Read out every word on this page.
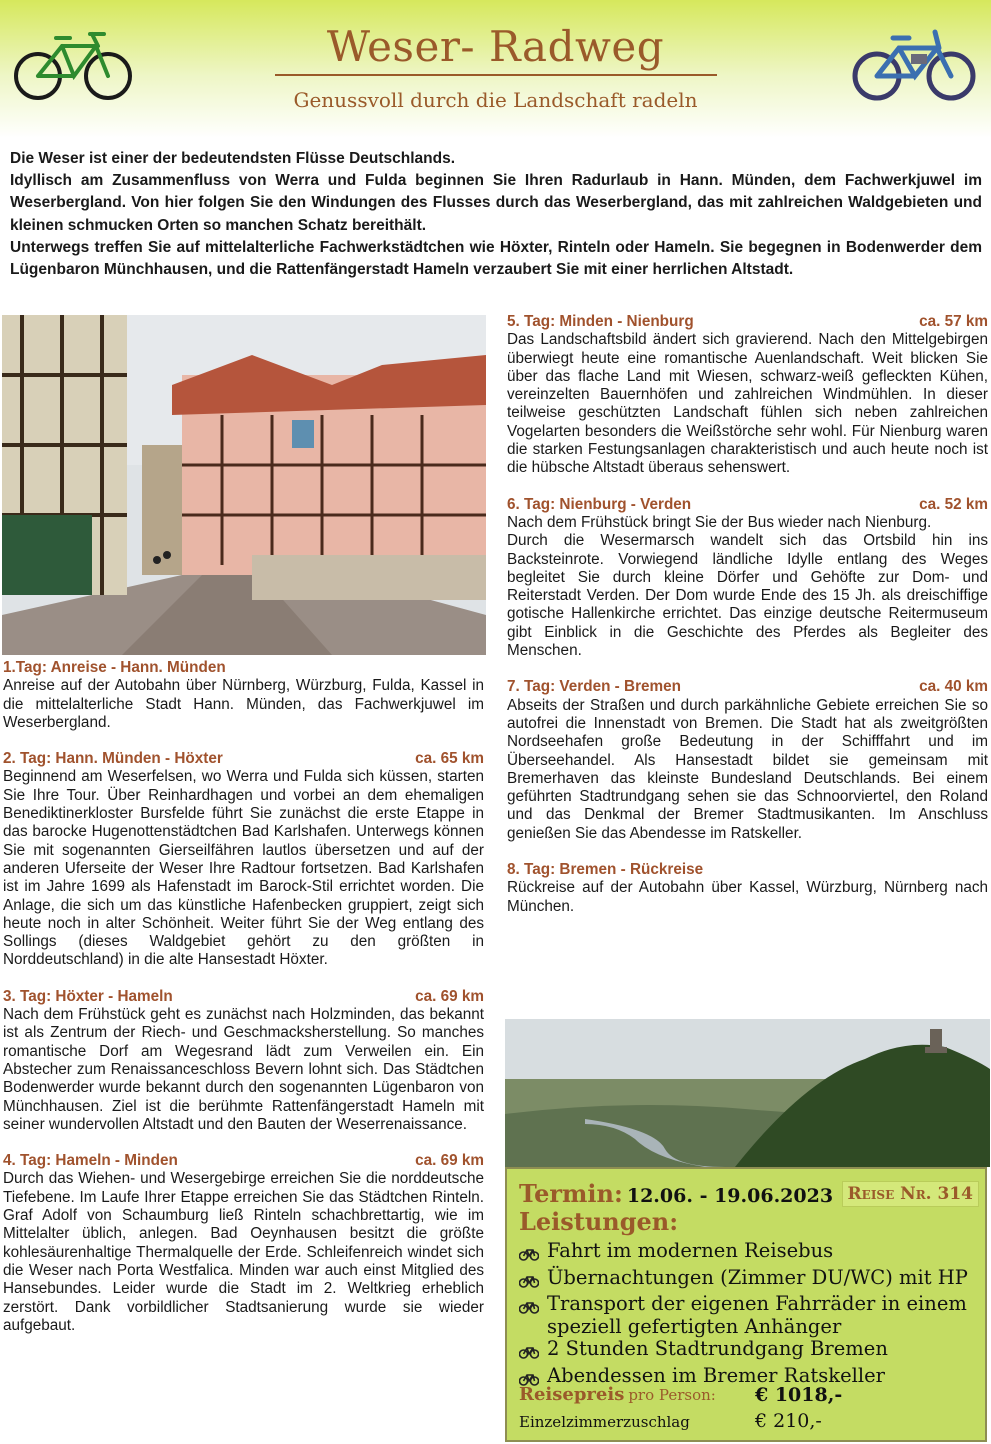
Weser- Radweg
Genussvoll durch die Landschaft radeln

Die Weser ist einer der bedeutendsten Flüsse Deutschlands.

Idyllisch am Zusammenfluss von Werra und Fulda beginnen Sie Ihren Radurlaub in Hann. Münden, dem Fachwerkjuwel im Weserbergland. Von hier folgen Sie den Windungen des Flusses durch das Weserbergland, das mit zahlreichen Waldgebieten und kleinen schmucken Orten so manchen Schatz bereithält.

Unterwegs treffen Sie auf mittelalterliche Fachwerkstädtchen wie Höxter, Rinteln oder Hameln. Sie begegnen in Bodenwerder dem Lügenbaron Münchhausen, und die Rattenfängerstadt Hameln verzaubert Sie mit einer herrlichen Altstadt.

1.Tag: Anreise - Hann. Münden

Anreise auf der Autobahn über Nürnberg, Würzburg, Fulda, Kassel in die mittelalterliche Stadt Hann. Münden, das Fachwerkjuwel im Weserbergland.

2. Tag: Hann. Münden - Höxter	ca. 65 km

Beginnend am Weserfelsen, wo Werra und Fulda sich küssen, starten Sie Ihre Tour. Über Reinhardhagen und vorbei an dem ehemaligen Benediktinerkloster Bursfelde führt Sie zunächst die erste Etappe in das barocke Hugenottenstädtchen Bad Karlshafen. Unterwegs können Sie mit sogenannten Gierseilfähren lautlos übersetzen und auf der anderen Uferseite der Weser Ihre Radtour fortsetzen. Bad Karlshafen ist im Jahre 1699 als Hafenstadt im Barock-Stil errichtet worden. Die Anlage, die sich um das künstliche Hafenbecken gruppiert, zeigt sich heute noch in alter Schönheit. Weiter führt Sie der Weg entlang des Sollings (dieses Waldgebiet gehört zu den größten in Norddeutschland) in die alte Hansestadt Höxter.

3. Tag: Höxter - Hameln	ca. 69 km

Nach dem Frühstück geht es zunächst nach Holzminden, das bekannt ist als Zentrum der Riech- und Geschmacksherstellung. So manches romantische Dorf am Wegesrand lädt zum Verweilen ein. Ein Abstecher zum Renaissanceschloss Bevern lohnt sich. Das Städtchen Bodenwerder wurde bekannt durch den sogenannten Lügenbaron von Münchhausen. Ziel ist die berühmte Rattenfängerstadt Hameln mit seiner wundervollen Altstadt und den Bauten der Weserrenaissance.

4. Tag: Hameln - Minden	ca. 69 km

Durch das Wiehen- und Wesergebirge erreichen Sie die norddeutsche Tiefebene. Im Laufe Ihrer Etappe erreichen Sie das Städtchen Rinteln. Graf Adolf von Schaumburg ließ Rinteln schachbrettartig, wie im Mittelalter üblich, anlegen. Bad Oeynhausen besitzt die größte kohlesäurenhaltige Thermalquelle der Erde. Schleifenreich windet sich die Weser nach Porta Westfalica. Minden war auch einst Mitglied des Hansebundes. Leider wurde die Stadt im 2. Weltkrieg erheblich zerstört. Dank vorbildlicher Stadtsanierung wurde sie wieder aufgebaut.

5. Tag: Minden - Nienburg	ca. 57 km

Das Landschaftsbild ändert sich gravierend. Nach den Mittelgebirgen überwiegt heute eine romantische Auenlandschaft. Weit blicken Sie über das flache Land mit Wiesen, schwarz-weiß gefleckten Kühen, vereinzelten Bauernhöfen und zahlreichen Windmühlen. In dieser teilweise geschützten Landschaft fühlen sich neben zahlreichen Vogelarten besonders die Weißstörche sehr wohl. Für Nienburg waren die starken Festungsanlagen charakteristisch und auch heute noch ist die hübsche Altstadt überaus sehenswert.

6. Tag: Nienburg - Verden	ca. 52 km

Nach dem Frühstück bringt Sie der Bus wieder nach Nienburg.

Durch die Wesermarsch wandelt sich das Ortsbild hin ins Backsteinrote. Vorwiegend ländliche Idylle entlang des Weges begleitet Sie durch kleine Dörfer und Gehöfte zur Dom- und Reiterstadt Verden. Der Dom wurde Ende des 15 Jh. als dreischiffige gotische Hallenkirche errichtet. Das einzige deutsche Reitermuseum gibt Einblick in die Geschichte des Pferdes als Begleiter des Menschen.

7. Tag: Verden - Bremen	ca. 40 km

Abseits der Straßen und durch parkähnliche Gebiete erreichen Sie so autofrei die Innenstadt von Bremen. Die Stadt hat als zweitgrößten Nordseehafen große Bedeutung in der Schifffahrt und im Überseehandel. Als Hansestadt bildet sie gemeinsam mit Bremerhaven das kleinste Bundesland Deutschlands. Bei einem geführten Stadtrundgang sehen sie das Schnoorviertel, den Roland und das Denkmal der Bremer Stadtmusikanten. Im Anschluss genießen Sie das Abendesse im Ratskeller.

8. Tag: Bremen - Rückreise

Rückreise auf der Autobahn über Kassel, Würzburg, Nürnberg nach München.

Termin: 12.06. - 19.06.2023 Reise Nr. 314
Leistungen:
Fahrt im modernen Reisebus
Übernachtungen (Zimmer DU/WC) mit HP
Transport der eigenen Fahrräder in einem speziell gefertigten Anhänger
2 Stunden Stadtrundgang Bremen
Abendessen im Bremer Ratskeller
Reisepreis pro Person: € 1018,-
Einzelzimmerzuschlag	€ 210,-
